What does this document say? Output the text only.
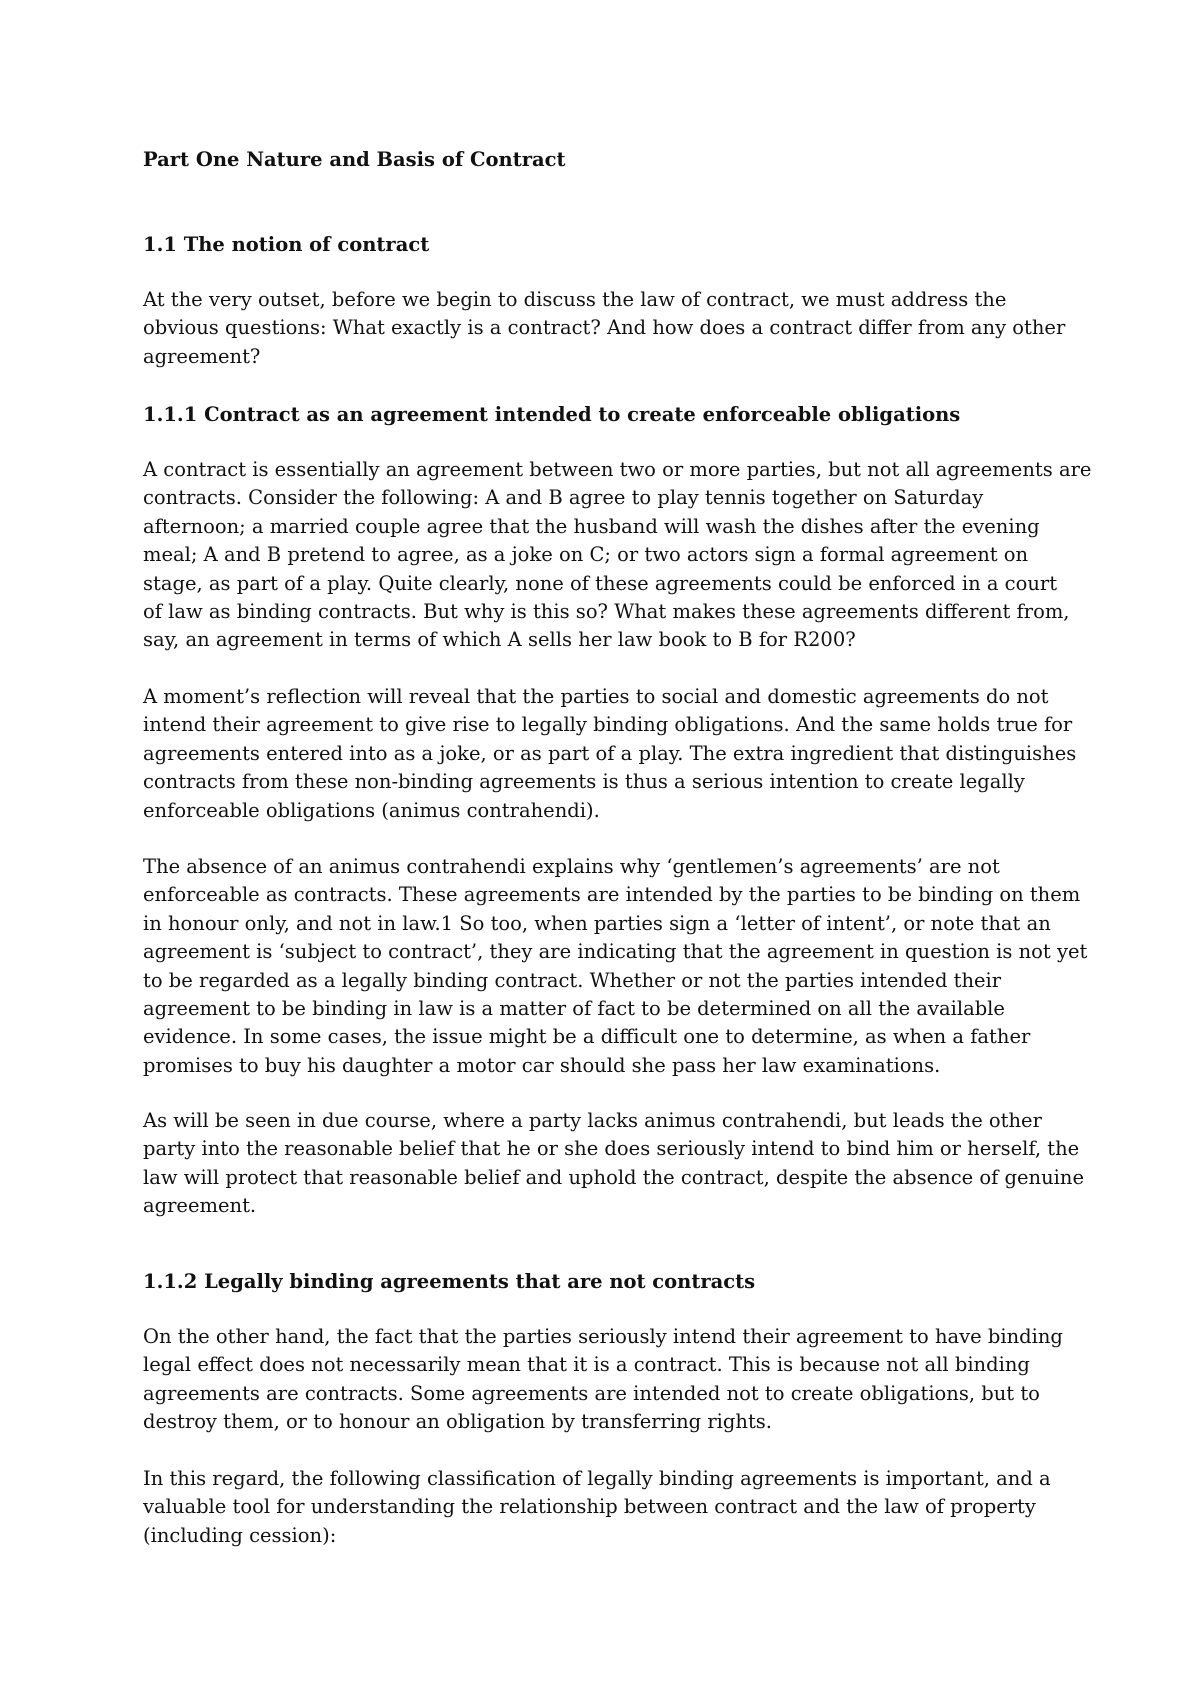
Part One Nature and Basis of Contract
1.1 The notion of contract
At the very outset, before we begin to discuss the law of contract, we must address the
obvious questions: What exactly is a contract? And how does a contract differ from any other
agreement?
1.1.1 Contract as an agreement intended to create enforceable obligations
A contract is essentially an agreement between two or more parties, but not all agreements are
contracts. Consider the following: A and B agree to play tennis together on Saturday
afternoon; a married couple agree that the husband will wash the dishes after the evening
meal; A and B pretend to agree, as a joke on C; or two actors sign a formal agreement on
stage, as part of a play. Quite clearly, none of these agreements could be enforced in a court
of law as binding contracts. But why is this so? What makes these agreements different from,
say, an agreement in terms of which A sells her law book to B for R200?
A moment’s reflection will reveal that the parties to social and domestic agreements do not
intend their agreement to give rise to legally binding obligations. And the same holds true for
agreements entered into as a joke, or as part of a play. The extra ingredient that distinguishes
contracts from these non-binding agreements is thus a serious intention to create legally
enforceable obligations (animus contrahendi).
The absence of an animus contrahendi explains why ‘gentlemen’s agreements’ are not
enforceable as contracts. These agreements are intended by the parties to be binding on them
in honour only, and not in law.1 So too, when parties sign a ‘letter of intent’, or note that an
agreement is ‘subject to contract’, they are indicating that the agreement in question is not yet
to be regarded as a legally binding contract. Whether or not the parties intended their
agreement to be binding in law is a matter of fact to be determined on all the available
evidence. In some cases, the issue might be a difficult one to determine, as when a father
promises to buy his daughter a motor car should she pass her law examinations.
As will be seen in due course, where a party lacks animus contrahendi, but leads the other
party into the reasonable belief that he or she does seriously intend to bind him or herself, the
law will protect that reasonable belief and uphold the contract, despite the absence of genuine
agreement.
1.1.2 Legally binding agreements that are not contracts
On the other hand, the fact that the parties seriously intend their agreement to have binding
legal effect does not necessarily mean that it is a contract. This is because not all binding
agreements are contracts. Some agreements are intended not to create obligations, but to
destroy them, or to honour an obligation by transferring rights.
In this regard, the following classification of legally binding agreements is important, and a
valuable tool for understanding the relationship between contract and the law of property
(including cession):
